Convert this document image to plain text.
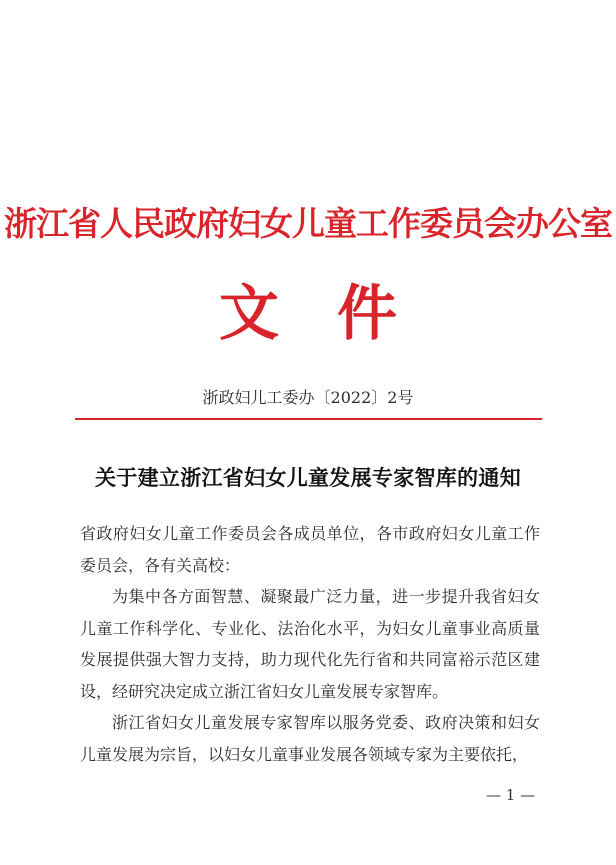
浙江省人民政府妇女儿童工作委员会办公室
文件
浙政妇儿工委办〔2022〕2号
关于建立浙江省妇女儿童发展专家智库的通知

省政府妇女儿童工作委员会各成员单位，各市政府妇女儿童工作委员会，各有关高校：

为集中各方面智慧、凝聚最广泛力量，进一步提升我省妇女儿童工作科学化、专业化、法治化水平，为妇女儿童事业高质量发展提供强大智力支持，助力现代化先行省和共同富裕示范区建设，经研究决定成立浙江省妇女儿童发展专家智库。

浙江省妇女儿童发展专家智库以服务党委、政府决策和妇女儿童发展为宗旨，以妇女儿童事业发展各领域专家为主要依托，

— 1 —
